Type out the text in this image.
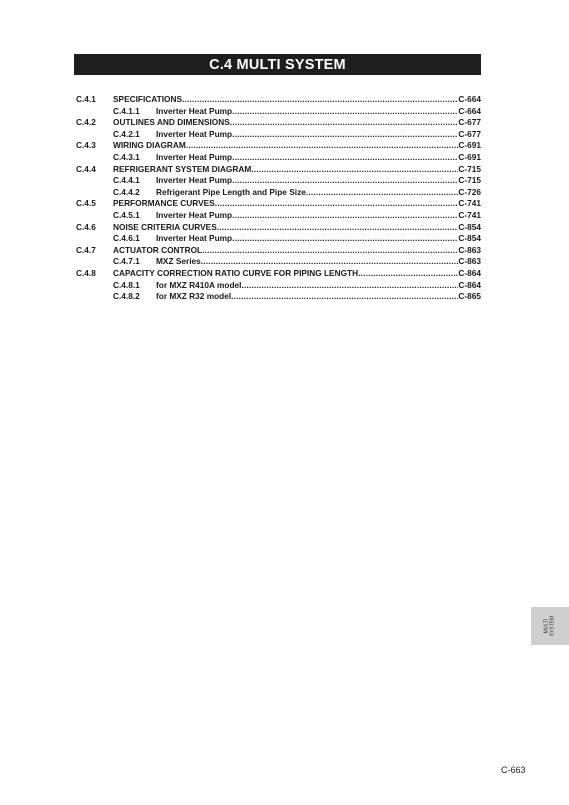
C.4 MULTI SYSTEM
C.4.1	SPECIFICATIONS .....	C-664
C.4.1.1	Inverter Heat Pump .....	C-664
C.4.2	OUTLINES AND DIMENSIONS .....	C-677
C.4.2.1	Inverter Heat Pump .....	C-677
C.4.3	WIRING DIAGRAM .....	C-691
C.4.3.1	Inverter Heat Pump .....	C-691
C.4.4	REFRIGERANT SYSTEM DIAGRAM .....	C-715
C.4.4.1	Inverter Heat Pump .....	C-715
C.4.4.2	Refrigerant Pipe Length and Pipe Size .....	C-726
C.4.5	PERFORMANCE CURVES .....	C-741
C.4.5.1	Inverter Heat Pump .....	C-741
C.4.6	NOISE CRITERIA CURVES .....	C-854
C.4.6.1	Inverter Heat Pump .....	C-854
C.4.7	ACTUATOR CONTROL .....	C-863
C.4.7.1	MXZ Series .....	C-863
C.4.8	CAPACITY CORRECTION RATIO CURVE FOR PIPING LENGTH .....	C-864
C.4.8.1	for MXZ R410A model .....	C-864
C.4.8.2	for MXZ R32 model .....	C-865
MULTI SYSTEM
C-663
